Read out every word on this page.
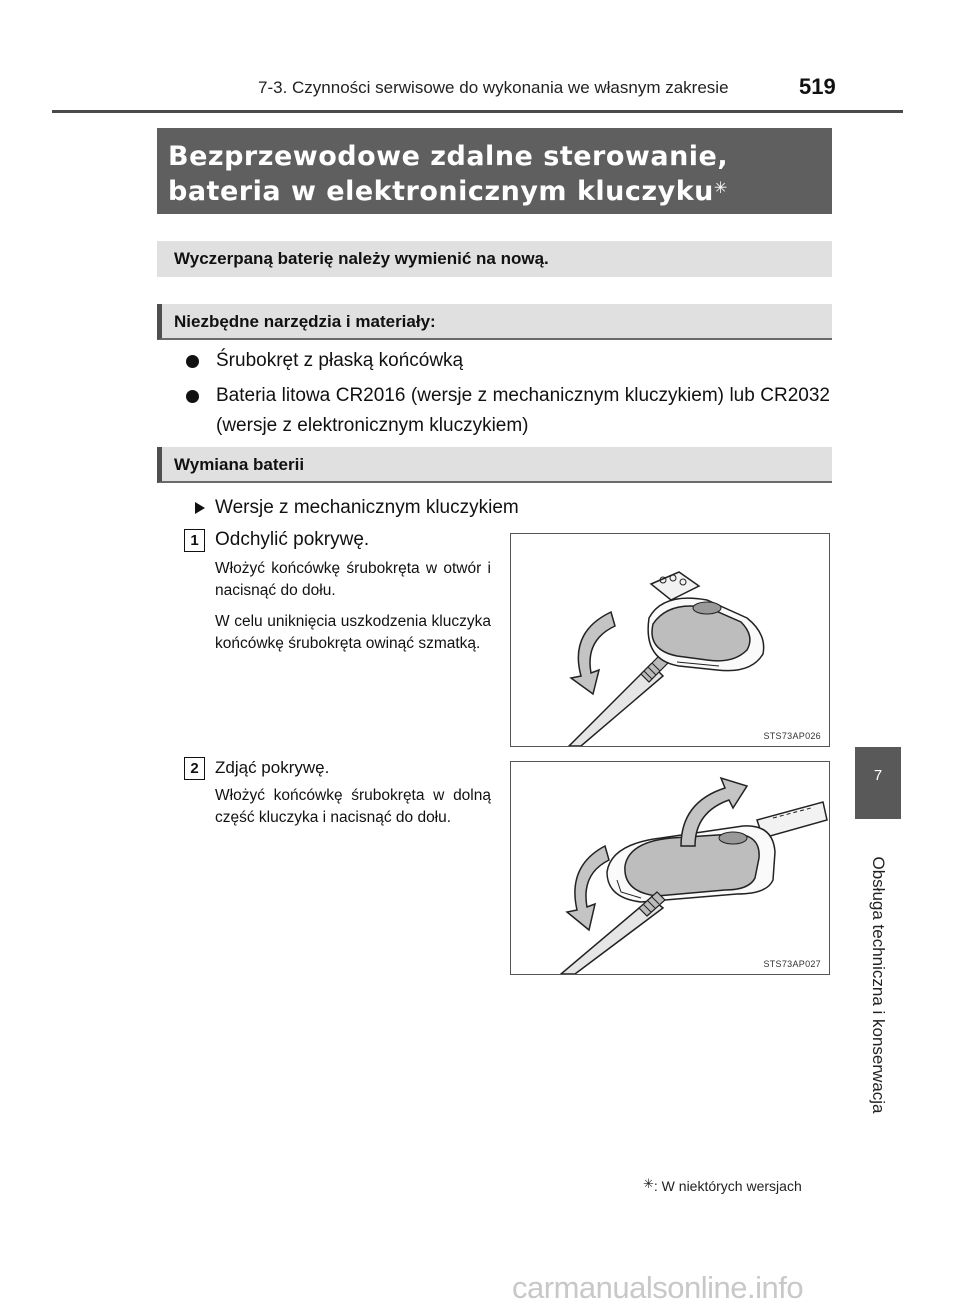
7-3. Czynności serwisowe do wykonania we własnym zakresie	519
Bezprzewodowe zdalne sterowanie,
bateria w elektronicznym kluczyku✳
Wyczerpaną baterię należy wymienić na nową.
Niezbędne narzędzia i materiały:
Śrubokręt z płaską końcówką
Bateria litowa CR2016 (wersje z mechanicznym kluczykiem) lub CR2032 (wersje z elektronicznym kluczykiem)
Wymiana baterii
Wersje z mechanicznym kluczykiem
1 Odchylić pokrywę.

Włożyć końcówkę śrubokręta w otwór i nacisnąć do dołu.

W celu uniknięcia uszkodzenia kluczyka końcówkę śrubokręta owinąć szmatką.

STS73AP026
2 Zdjąć pokrywę.

Włożyć końcówkę śrubokręta w dolną część kluczyka i nacisnąć do dołu.

STS73AP027
7
Obsługa techniczna i konserwacja
✳: W niektórych wersjach
carmanualsonline.info
